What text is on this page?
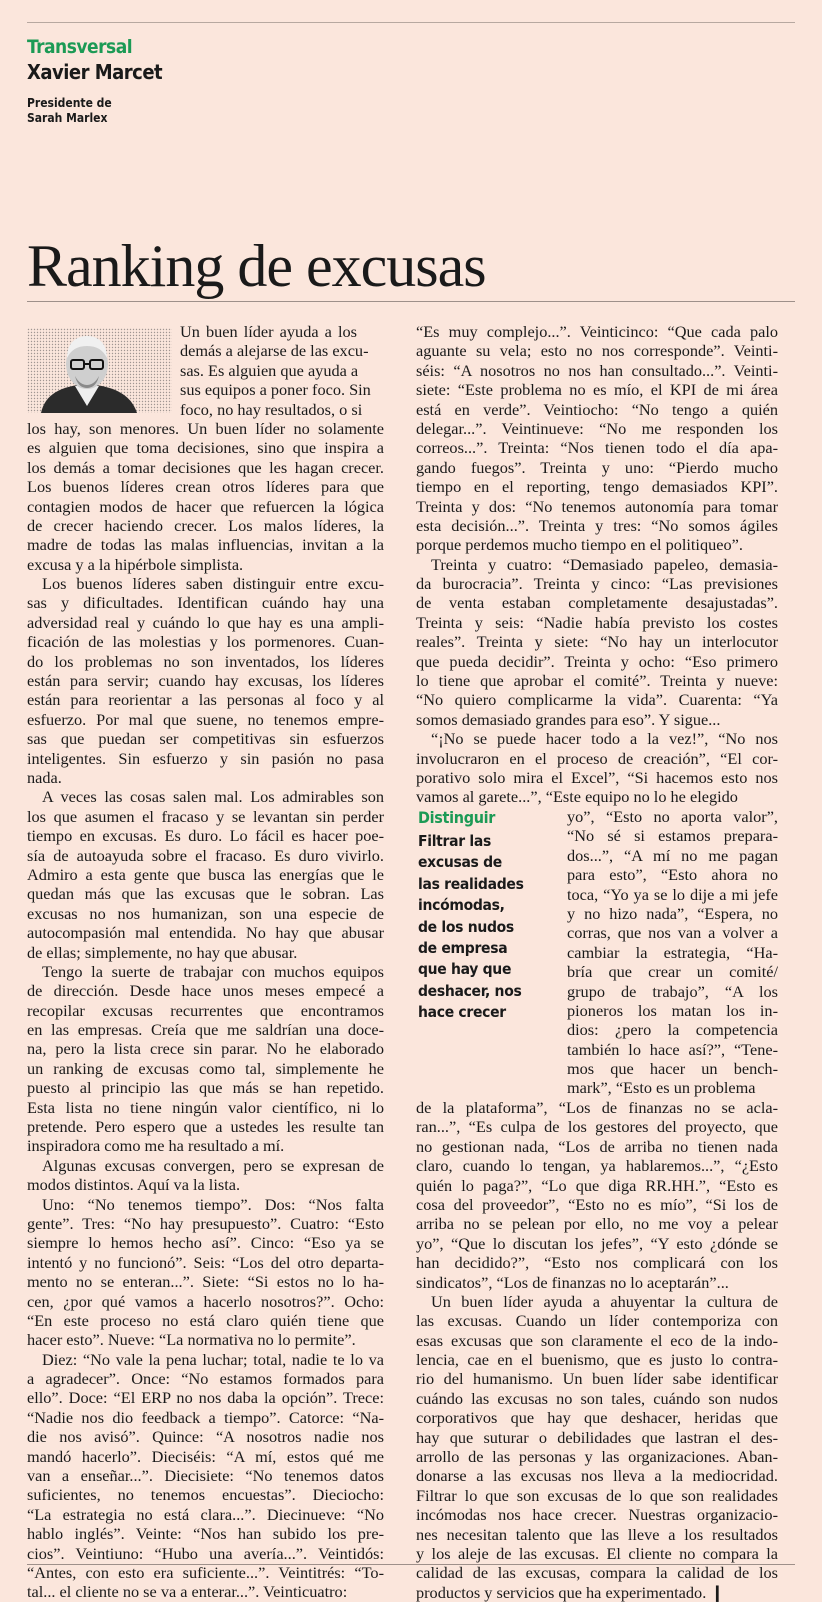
Transversal
Xavier Marcet
Presidente de
Sarah Marlex
Ranking de excusas
Un buen líder ayuda a los
demás a alejarse de las excu-
sas. Es alguien que ayuda a
sus equipos a poner foco. Sin
foco, no hay resultados, o si
los hay, son menores. Un buen líder no solamente
es alguien que toma decisiones, sino que inspira a
los demás a tomar decisiones que les hagan crecer.
Los buenos líderes crean otros líderes para que
contagien modos de hacer que refuercen la lógica
de crecer haciendo crecer. Los malos líderes, la
madre de todas las malas influencias, invitan a la
excusa y a la hipérbole simplista.
Los buenos líderes saben distinguir entre excu-
sas y dificultades. Identifican cuándo hay una
adversidad real y cuándo lo que hay es una ampli-
ficación de las molestias y los pormenores. Cuan-
do los problemas no son inventados, los líderes
están para servir; cuando hay excusas, los líderes
están para reorientar a las personas al foco y al
esfuerzo. Por mal que suene, no tenemos empre-
sas que puedan ser competitivas sin esfuerzos
inteligentes. Sin esfuerzo y sin pasión no pasa
nada.
A veces las cosas salen mal. Los admirables son
los que asumen el fracaso y se levantan sin perder
tiempo en excusas. Es duro. Lo fácil es hacer poe-
sía de autoayuda sobre el fracaso. Es duro vivirlo.
Admiro a esta gente que busca las energías que le
quedan más que las excusas que le sobran. Las
excusas no nos humanizan, son una especie de
autocompasión mal entendida. No hay que abusar
de ellas; simplemente, no hay que abusar.
Tengo la suerte de trabajar con muchos equipos
de dirección. Desde hace unos meses empecé a
recopilar excusas recurrentes que encontramos
en las empresas. Creía que me saldrían una doce-
na, pero la lista crece sin parar. No he elaborado
un ranking de excusas como tal, simplemente he
puesto al principio las que más se han repetido.
Esta lista no tiene ningún valor científico, ni lo
pretende. Pero espero que a ustedes les resulte tan
inspiradora como me ha resultado a mí.
Algunas excusas convergen, pero se expresan de
modos distintos. Aquí va la lista.
Uno: “No tenemos tiempo”. Dos: “Nos falta
gente”. Tres: “No hay presupuesto”. Cuatro: “Esto
siempre lo hemos hecho así”. Cinco: “Eso ya se
intentó y no funcionó”. Seis: “Los del otro departa-
mento no se enteran...”. Siete: “Si estos no lo ha-
cen, ¿por qué vamos a hacerlo nosotros?”. Ocho:
“En este proceso no está claro quién tiene que
hacer esto”. Nueve: “La normativa no lo permite”.
Diez: “No vale la pena luchar; total, nadie te lo va
a agradecer”. Once: “No estamos formados para
ello”. Doce: “El ERP no nos daba la opción”. Trece:
“Nadie nos dio feedback a tiempo”. Catorce: “Na-
die nos avisó”. Quince: “A nosotros nadie nos
mandó hacerlo”. Dieciséis: “A mí, estos qué me
van a enseñar...”. Diecisiete: “No tenemos datos
suficientes, no tenemos encuestas”. Dieciocho:
“La estrategia no está clara...”. Diecinueve: “No
hablo inglés”. Veinte: “Nos han subido los pre-
cios”. Veintiuno: “Hubo una avería...”. Veintidós:
“Antes, con esto era suficiente...”. Veintitrés: “To-
tal... el cliente no se va a enterar...”. Veinticuatro:
“Es muy complejo...”. Veinticinco: “Que cada palo
aguante su vela; esto no nos corresponde”. Veinti-
séis: “A nosotros no nos han consultado...”. Veinti-
siete: “Este problema no es mío, el KPI de mi área
está en verde”. Veintiocho: “No tengo a quién
delegar...”. Veintinueve: “No me responden los
correos...”. Treinta: “Nos tienen todo el día apa-
gando fuegos”. Treinta y uno: “Pierdo mucho
tiempo en el reporting, tengo demasiados KPI”.
Treinta y dos: “No tenemos autonomía para tomar
esta decisión...”. Treinta y tres: “No somos ágiles
porque perdemos mucho tiempo en el politiqueo”.
Treinta y cuatro: “Demasiado papeleo, demasia-
da burocracia”. Treinta y cinco: “Las previsiones
de venta estaban completamente desajustadas”.
Treinta y seis: “Nadie había previsto los costes
reales”. Treinta y siete: “No hay un interlocutor
que pueda decidir”. Treinta y ocho: “Eso primero
lo tiene que aprobar el comité”. Treinta y nueve:
“No quiero complicarme la vida”. Cuarenta: “Ya
somos demasiado grandes para eso”. Y sigue...
“¡No se puede hacer todo a la vez!”, “No nos
involucraron en el proceso de creación”, “El cor-
porativo solo mira el Excel”, “Si hacemos esto nos
vamos al garete...”, “Este equipo no lo he elegido
yo”, “Esto no aporta valor”,
“No sé si estamos prepara-
dos...”, “A mí no me pagan
para esto”, “Esto ahora no
toca, “Yo ya se lo dije a mi jefe
y no hizo nada”, “Espera, no
corras, que nos van a volver a
cambiar la estrategia, “Ha-
bría que crear un comité/
grupo de trabajo”, “A los
pioneros los matan los in-
dios: ¿pero la competencia
también lo hace así?”, “Tene-
mos que hacer un bench-
mark”, “Esto es un problema
de la plataforma”, “Los de finanzas no se acla-
ran...”, “Es culpa de los gestores del proyecto, que
no gestionan nada, “Los de arriba no tienen nada
claro, cuando lo tengan, ya hablaremos...”, “¿Esto
quién lo paga?”, “Lo que diga RR.HH.”, “Esto es
cosa del proveedor”, “Esto no es mío”, “Si los de
arriba no se pelean por ello, no me voy a pelear
yo”, “Que lo discutan los jefes”, “Y esto ¿dónde se
han decidido?”, “Esto nos complicará con los
sindicatos”, “Los de finanzas no lo aceptarán”...
Un buen líder ayuda a ahuyentar la cultura de
las excusas. Cuando un líder contemporiza con
esas excusas que son claramente el eco de la indo-
lencia, cae en el buenismo, que es justo lo contra-
rio del humanismo. Un buen líder sabe identificar
cuándo las excusas no son tales, cuándo son nudos
corporativos que hay que deshacer, heridas que
hay que suturar o debilidades que lastran el des-
arrollo de las personas y las organizaciones. Aban-
donarse a las excusas nos lleva a la mediocridad.
Filtrar lo que son excusas de lo que son realidades
incómodas nos hace crecer. Nuestras organizacio-
nes necesitan talento que las lleve a los resultados
y los aleje de las excusas. El cliente no compara la
calidad de las excusas, compara la calidad de los
productos y servicios que ha experimentado. ❙
Distinguir
Filtrar las
excusas de
las realidades
incómodas,
de los nudos
de empresa
que hay que
deshacer, nos
hace crecer
